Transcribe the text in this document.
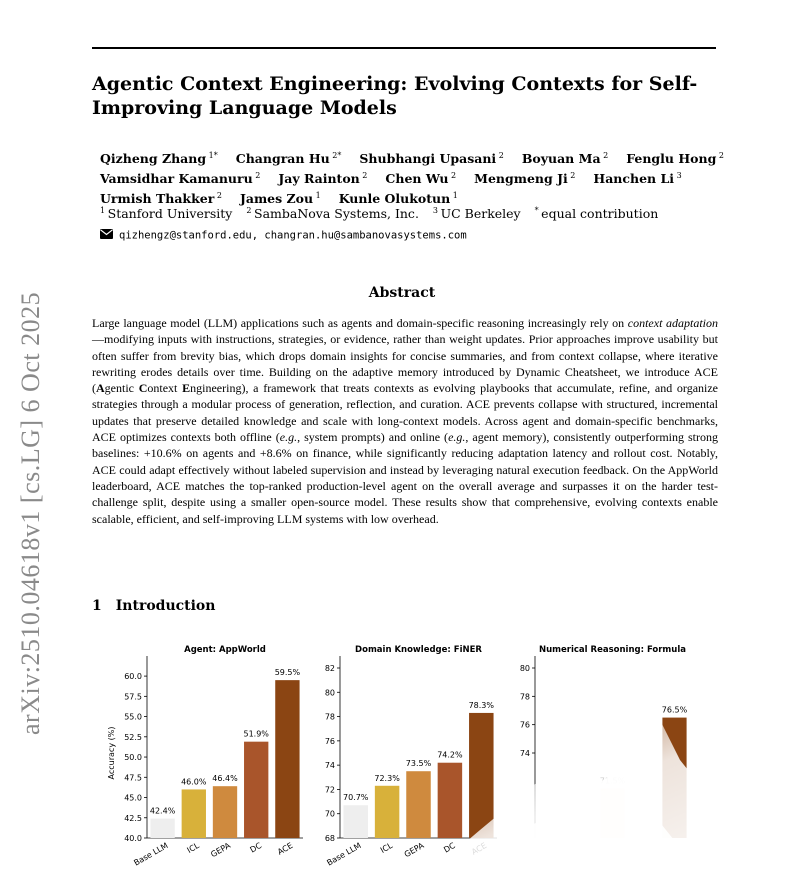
Agentic Context Engineering: Evolving Contexts for Self-Improving Language Models
Qizheng Zhang $^{1*}$ Changran Hu $^{2*}$ Shubhangi Upasani $^2$ Boyuan Ma $^2$ Fenglu Hong $^2$
Vamsidhar Kamanuru $^2$ Jay Rainton $^2$ Chen Wu $^2$ Mengmeng Ji $^2$ Hanchen Li $^3$
Urmish Thakker $^2$ James Zou $^1$ Kunle Olukotun $^1$
$^1$ Stanford University $^2$ SambaNova Systems, Inc. $^3$ UC Berkeley * equal contribution
qizhengz@stanford.edu, changran.hu@sambanovasystems.com
arXiv:2510.04618v1 [cs.LG] 6 Oct 2025	Abstract

Large language model (LLM) applications such as agents and domain-specific reasoning increasingly rely on context adaptation—modifying inputs with instructions, strategies, or evidence, rather than weight updates. Prior approaches improve usability but often suffer from brevity bias, which drops domain insights for concise summaries, and from context collapse, where iterative rewriting erodes details over time. Building on the adaptive memory introduced by Dynamic Cheatsheet, we introduce ACE (Agentic Context Engineering), a framework that treats contexts as evolving playbooks that accumulate, refine, and organize strategies through a modular process of generation, reflection, and curation. ACE prevents collapse with structured, incremental updates that preserve detailed knowledge and scale with long-context models. Across agent and domain-specific benchmarks, ACE optimizes contexts both offline (e.g., system prompts) and online (e.g., agent memory), consistently outperforming strong baselines: +10.6% on agents and +8.6% on finance, while significantly reducing adaptation latency and rollout cost. Notably, ACE could adapt effectively without labeled supervision and instead by leveraging natural execution feedback. On the AppWorld leaderboard, ACE matches the top-ranked production-level agent on the overall average and surpasses it on the harder test-challenge split, despite using a smaller open-source model. These results show that comprehensive, evolving contexts enable scalable, efficient, and self-improving LLM systems with low overhead.

1 Introduction
Agent: AppWorld
40.0
42.5
45.0
47.5
50.0
52.5
55.0
57.5
60.0
Accuracy (%)
42.4%
Base LLM
46.0%
ICL
46.4%
GEPA
51.9%
DC
59.5%
ACE
Domain Knowledge: FiNER
68
70
72
74
76
78
80
82
70.7%
Base LLM
72.3%
ICL
73.5%
GEPA
74.2%
DC
78.3%
Numerical Reasoning: Formula
74
76
78
80
76.5%
